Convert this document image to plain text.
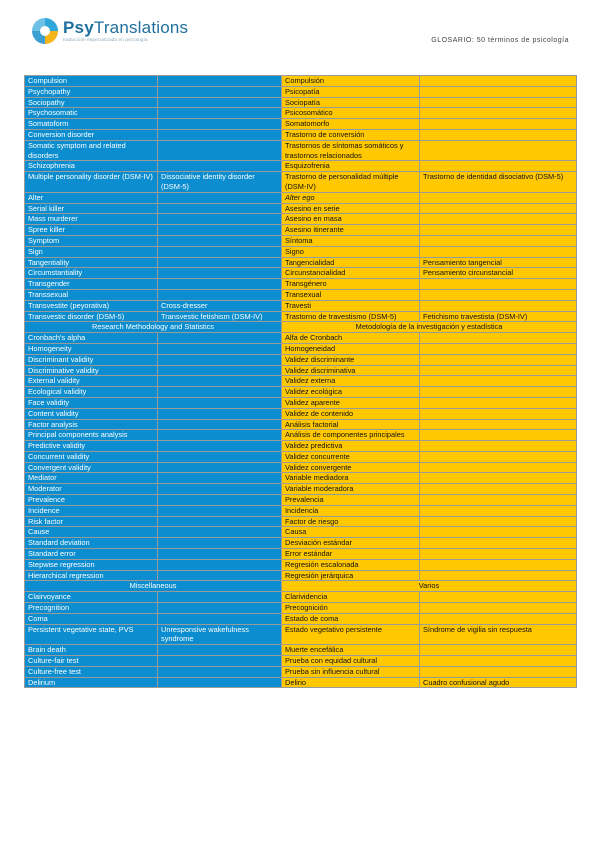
PsyTranslations
traducción especializada en psicología	GLOSARIO: 50 términos de psicología
Compulsion		Compulsión	
Psychopathy		Psicopatía	
Sociopathy		Sociopatía	
Psychosomatic		Psicosomático	
Somatoform		Somatomorfo	
Conversion disorder		Trastorno de conversión	
Somatic symptom and related disorders		Trastornos de síntomas somáticos y trastornos relacionados	
Schizophrenia		Esquizofrenia	
Multiple personality disorder (DSM-IV)	Dissociative identity disorder (DSM-5)	Trastorno de personalidad múltiple (DSM-IV)	Trastorno de identidad disociativo (DSM-5)
Alter		Alter ego	
Serial killer		Asesino en serie	
Mass murderer		Asesino en masa	
Spree killer		Asesino itinerante	
Symptom		Síntoma	
Sign		Signo	
Tangentiality		Tangencialidad	Pensamiento tangencial
Circumstantiality		Circunstancialidad	Pensamiento circunstancial
Transgender		Transgénero	
Transsexual		Transexual	
Transvestite (peyorativa)	Cross-dresser	Travesti	
Transvestic disorder (DSM-5)	Transvestic fetishism (DSM-IV)	Trastorno de travestismo (DSM-5)	Fetichismo travestista (DSM-IV)
Research Methodology and Statistics		Metodología de la investigación y estadística	
Cronbach's alpha		Alfa de Cronbach	
Homogeneity		Homogeneidad	
Discriminant validity		Validez discriminante	
Discriminative validity		Validez discriminativa	
External validity		Validez externa	
Ecological validity		Validez ecológica	
Face validity		Validez aparente	
Content validity		Validez de contenido	
Factor analysis		Análisis factorial	
Principal components analysis		Análisis de componentes principales	
Predictive validity		Validez predictiva	
Concurrent validity		Validez concurrente	
Convergent validity		Validez convergente	
Mediator		Variable mediadora	
Moderator		Variable moderadora	
Prevalence		Prevalencia	
Incidence		Incidencia	
Risk factor		Factor de riesgo	
Cause		Causa	
Standard deviation		Desviación estándar	
Standard error		Error estándar	
Stepwise regression		Regresión escalonada	
Hierarchical regression		Regresión jerárquica	
Miscellaneous		Varios	
Clairvoyance		Clarividencia	
Precognition		Precognición	
Coma		Estado de coma	
Persistent vegetative state, PVS	Unresponsive wakefulness syndrome	Estado vegetativo persistente	Síndrome de vigilia sin respuesta
Brain death		Muerte encefálica	
Culture-fair test		Prueba con equidad cultural	
Culture-free test		Prueba sin influencia cultural	
Delirium		Delirio	Cuadro confusional agudo
